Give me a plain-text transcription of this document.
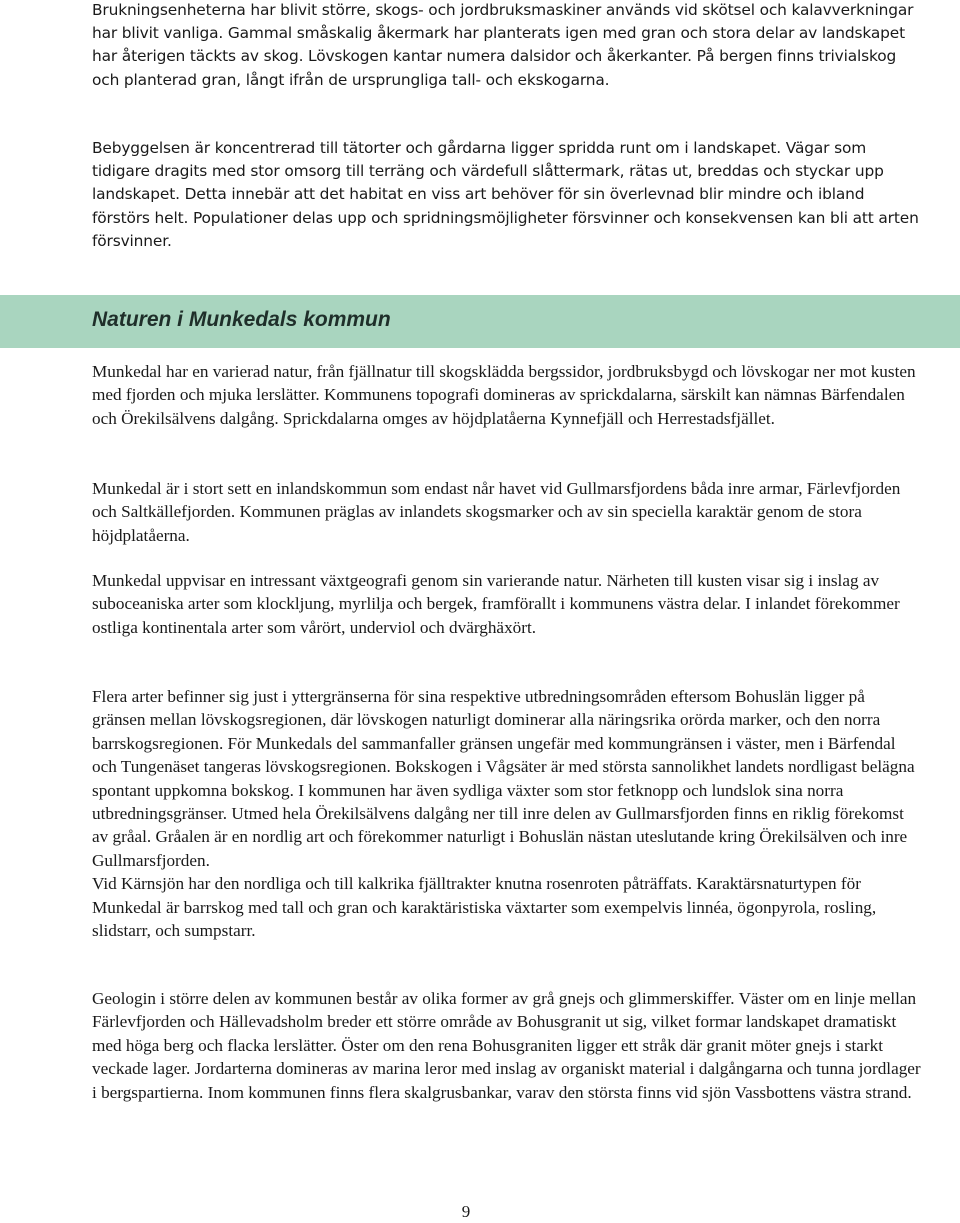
Brukningsenheterna har blivit större, skogs- och jordbruksmaskiner används vid skötsel och kalavverkningar har blivit vanliga. Gammal småskalig åkermark har planterats igen med gran och stora delar av landskapet har återigen täckts av skog. Lövskogen kantar numera dalsidor och åkerkanter. På bergen finns trivialskog och planterad gran, långt ifrån de ursprungliga tall- och ekskogarna.

Bebyggelsen är koncentrerad till tätorter och gårdarna ligger spridda runt om i landskapet. Vägar som tidigare dragits med stor omsorg till terräng och värdefull slåttermark, rätas ut, breddas och styckar upp landskapet. Detta innebär att det habitat en viss art behöver för sin överlevnad blir mindre och ibland förstörs helt. Populationer delas upp och spridningsmöjligheter försvinner och konsekvensen kan bli att arten försvinner.

Naturen i Munkedals kommun

Munkedal har en varierad natur, från fjällnatur till skogsklädda bergssidor, jordbruksbygd och lövskogar ner mot kusten med fjorden och mjuka lerslätter. Kommunens topografi domineras av sprickdalarna, särskilt kan nämnas Bärfendalen och Örekilsälvens dalgång. Sprickdalarna omges av höjdplatåerna Kynnefjäll och Herrestadsfjället.

Munkedal är i stort sett en inlandskommun som endast når havet vid Gullmarsfjordens båda inre armar, Färlevfjorden och Saltkällefjorden. Kommunen präglas av inlandets skogsmarker och av sin speciella karaktär genom de stora höjdplatåerna.

Munkedal uppvisar en intressant växtgeografi genom sin varierande natur. Närheten till kusten visar sig i inslag av suboceaniska arter som klockljung, myrlilja och bergek, framförallt i kommunens västra delar. I inlandet förekommer ostliga kontinentala arter som vårört, underviol och dvärghäxört.

Flera arter befinner sig just i yttergränserna för sina respektive utbredningsområden eftersom Bohuslän ligger på gränsen mellan lövskogsregionen, där lövskogen naturligt dominerar alla näringsrika orörda marker, och den norra barrskogsregionen. För Munkedals del sammanfaller gränsen ungefär med kommungränsen i väster, men i Bärfendal och Tungenäset tangeras lövskogsregionen. Bokskogen i Vågsäter är med största sannolikhet landets nordligast belägna spontant uppkomna bokskog. I kommunen har även sydliga växter som stor fetknopp och lundslok sina norra utbredningsgränser. Utmed hela Örekilsälvens dalgång ner till inre delen av Gullmarsfjorden finns en riklig förekomst av gråal. Gråalen är en nordlig art och förekommer naturligt i Bohuslän nästan uteslutande kring Örekilsälven och inre Gullmarsfjorden.
Vid Kärnsjön har den nordliga och till kalkrika fjälltrakter knutna rosenroten påträffats. Karaktärsnaturtypen för Munkedal är barrskog med tall och gran och karaktäristiska växtarter som exempelvis linnéa, ögonpyrola, rosling, slidstarr, och sumpstarr.

Geologin i större delen av kommunen består av olika former av grå gnejs och glimmerskiffer. Väster om en linje mellan Färlevfjorden och Hällevadsholm breder ett större område av Bohusgranit ut sig, vilket formar landskapet dramatiskt med höga berg och flacka lerslätter. Öster om den rena Bohusgraniten ligger ett stråk där granit möter gnejs i starkt veckade lager. Jordarterna domineras av marina leror med inslag av organiskt material i dalgångarna och tunna jordlager i bergspartierna. Inom kommunen finns flera skalgrusbankar, varav den största finns vid sjön Vassbottens västra strand.

9
